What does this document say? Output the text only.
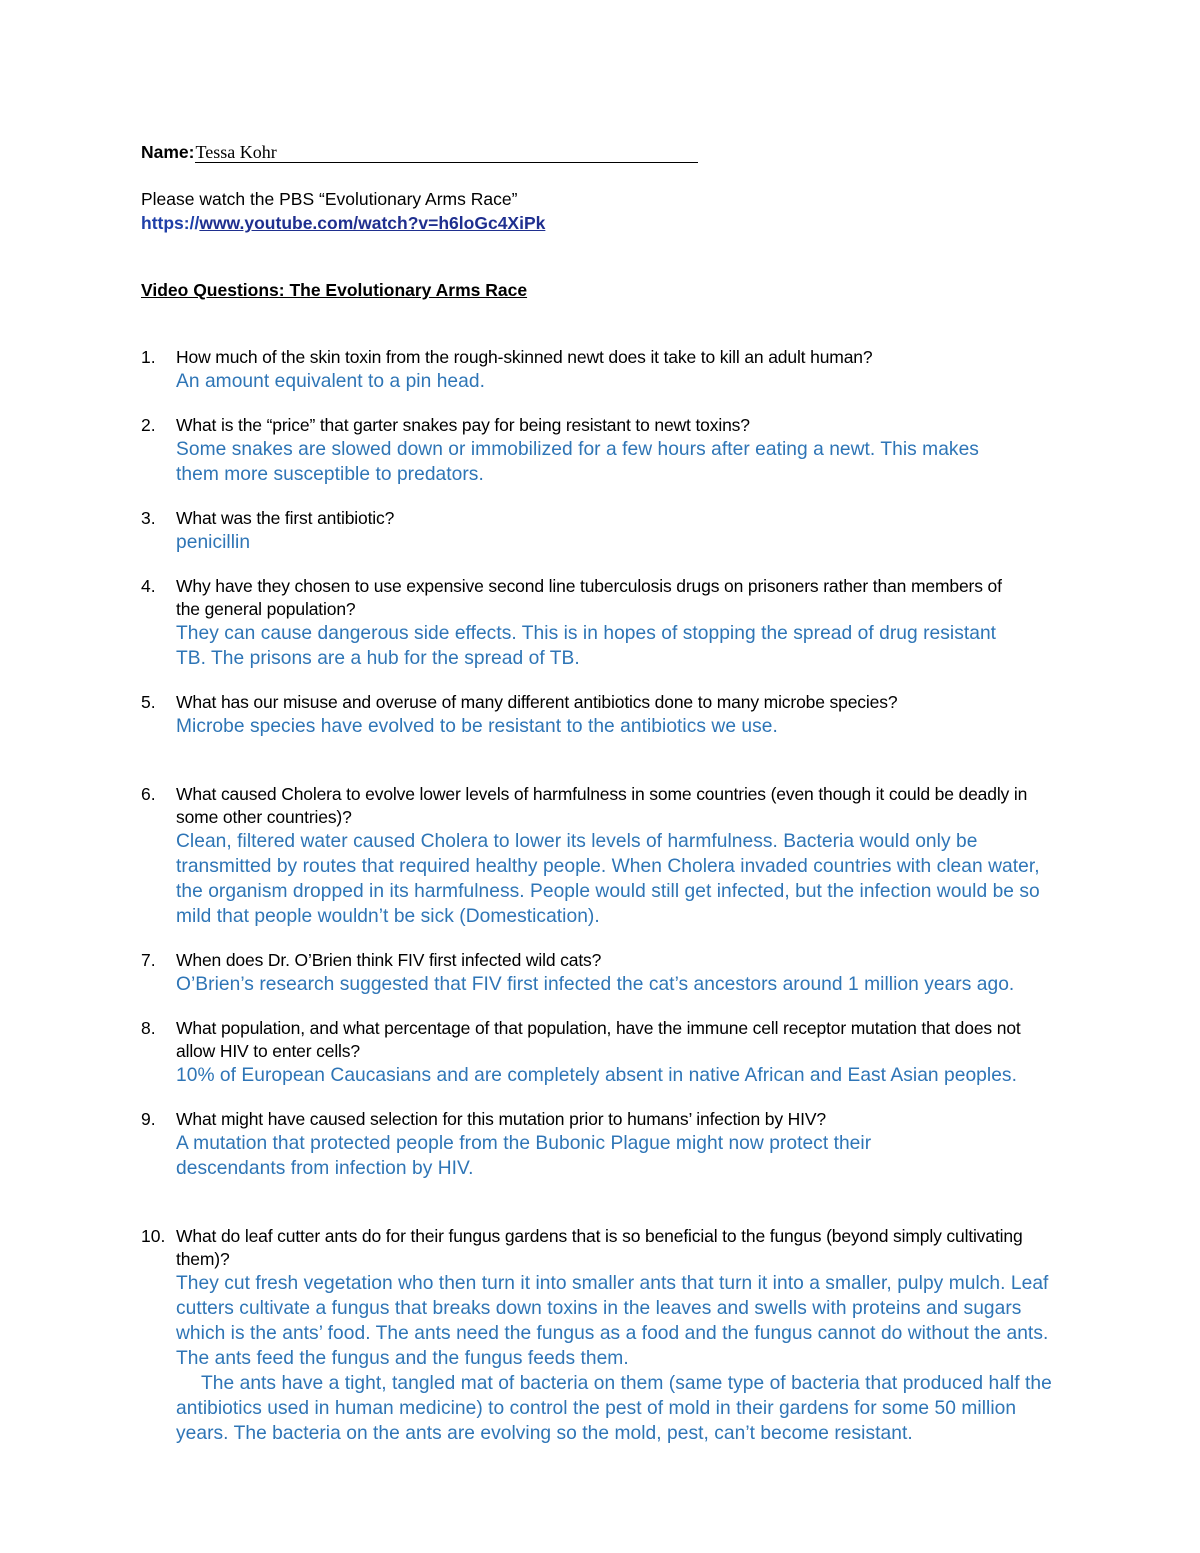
Name:Tessa Kohr
Please watch the PBS “Evolutionary Arms Race”
https://www.youtube.com/watch?v=h6loGc4XiPk
Video Questions: The Evolutionary Arms Race
1. How much of the skin toxin from the rough-skinned newt does it take to kill an adult human?

An amount equivalent to a pin head.

2. What is the “price” that garter snakes pay for being resistant to newt toxins?

Some snakes are slowed down or immobilized for a few hours after eating a newt. This makes them more susceptible to predators.

3. What was the first antibiotic?

penicillin

4. Why have they chosen to use expensive second line tuberculosis drugs on prisoners rather than members of the general population?

They can cause dangerous side effects. This is in hopes of stopping the spread of drug resistant TB. The prisons are a hub for the spread of TB.

5. What has our misuse and overuse of many different antibiotics done to many microbe species?

Microbe species have evolved to be resistant to the antibiotics we use.

6. What caused Cholera to evolve lower levels of harmfulness in some countries (even though it could be deadly in some other countries)?

Clean, filtered water caused Cholera to lower its levels of harmfulness. Bacteria would only be transmitted by routes that required healthy people. When Cholera invaded countries with clean water, the organism dropped in its harmfulness. People would still get infected, but the infection would be so mild that people wouldn’t be sick (Domestication).

7. When does Dr. O’Brien think FIV first infected wild cats?

O’Brien’s research suggested that FIV first infected the cat’s ancestors around 1 million years ago.

8. What population, and what percentage of that population, have the immune cell receptor mutation that does not allow HIV to enter cells?

10% of European Caucasians and are completely absent in native African and East Asian peoples.

9. What might have caused selection for this mutation prior to humans’ infection by HIV?

A mutation that protected people from the Bubonic Plague might now protect their descendants from infection by HIV.

10. What do leaf cutter ants do for their fungus gardens that is so beneficial to the fungus (beyond simply cultivating them)?

They cut fresh vegetation who then turn it into smaller ants that turn it into a smaller, pulpy mulch. Leaf cutters cultivate a fungus that breaks down toxins in the leaves and swells with proteins and sugars which is the ants’ food. The ants need the fungus as a food and the fungus cannot do without the ants. The ants feed the fungus and the fungus feeds them.

The ants have a tight, tangled mat of bacteria on them (same type of bacteria that produced half the antibiotics used in human medicine) to control the pest of mold in their gardens for some 50 million years. The bacteria on the ants are evolving so the mold, pest, can’t become resistant.
